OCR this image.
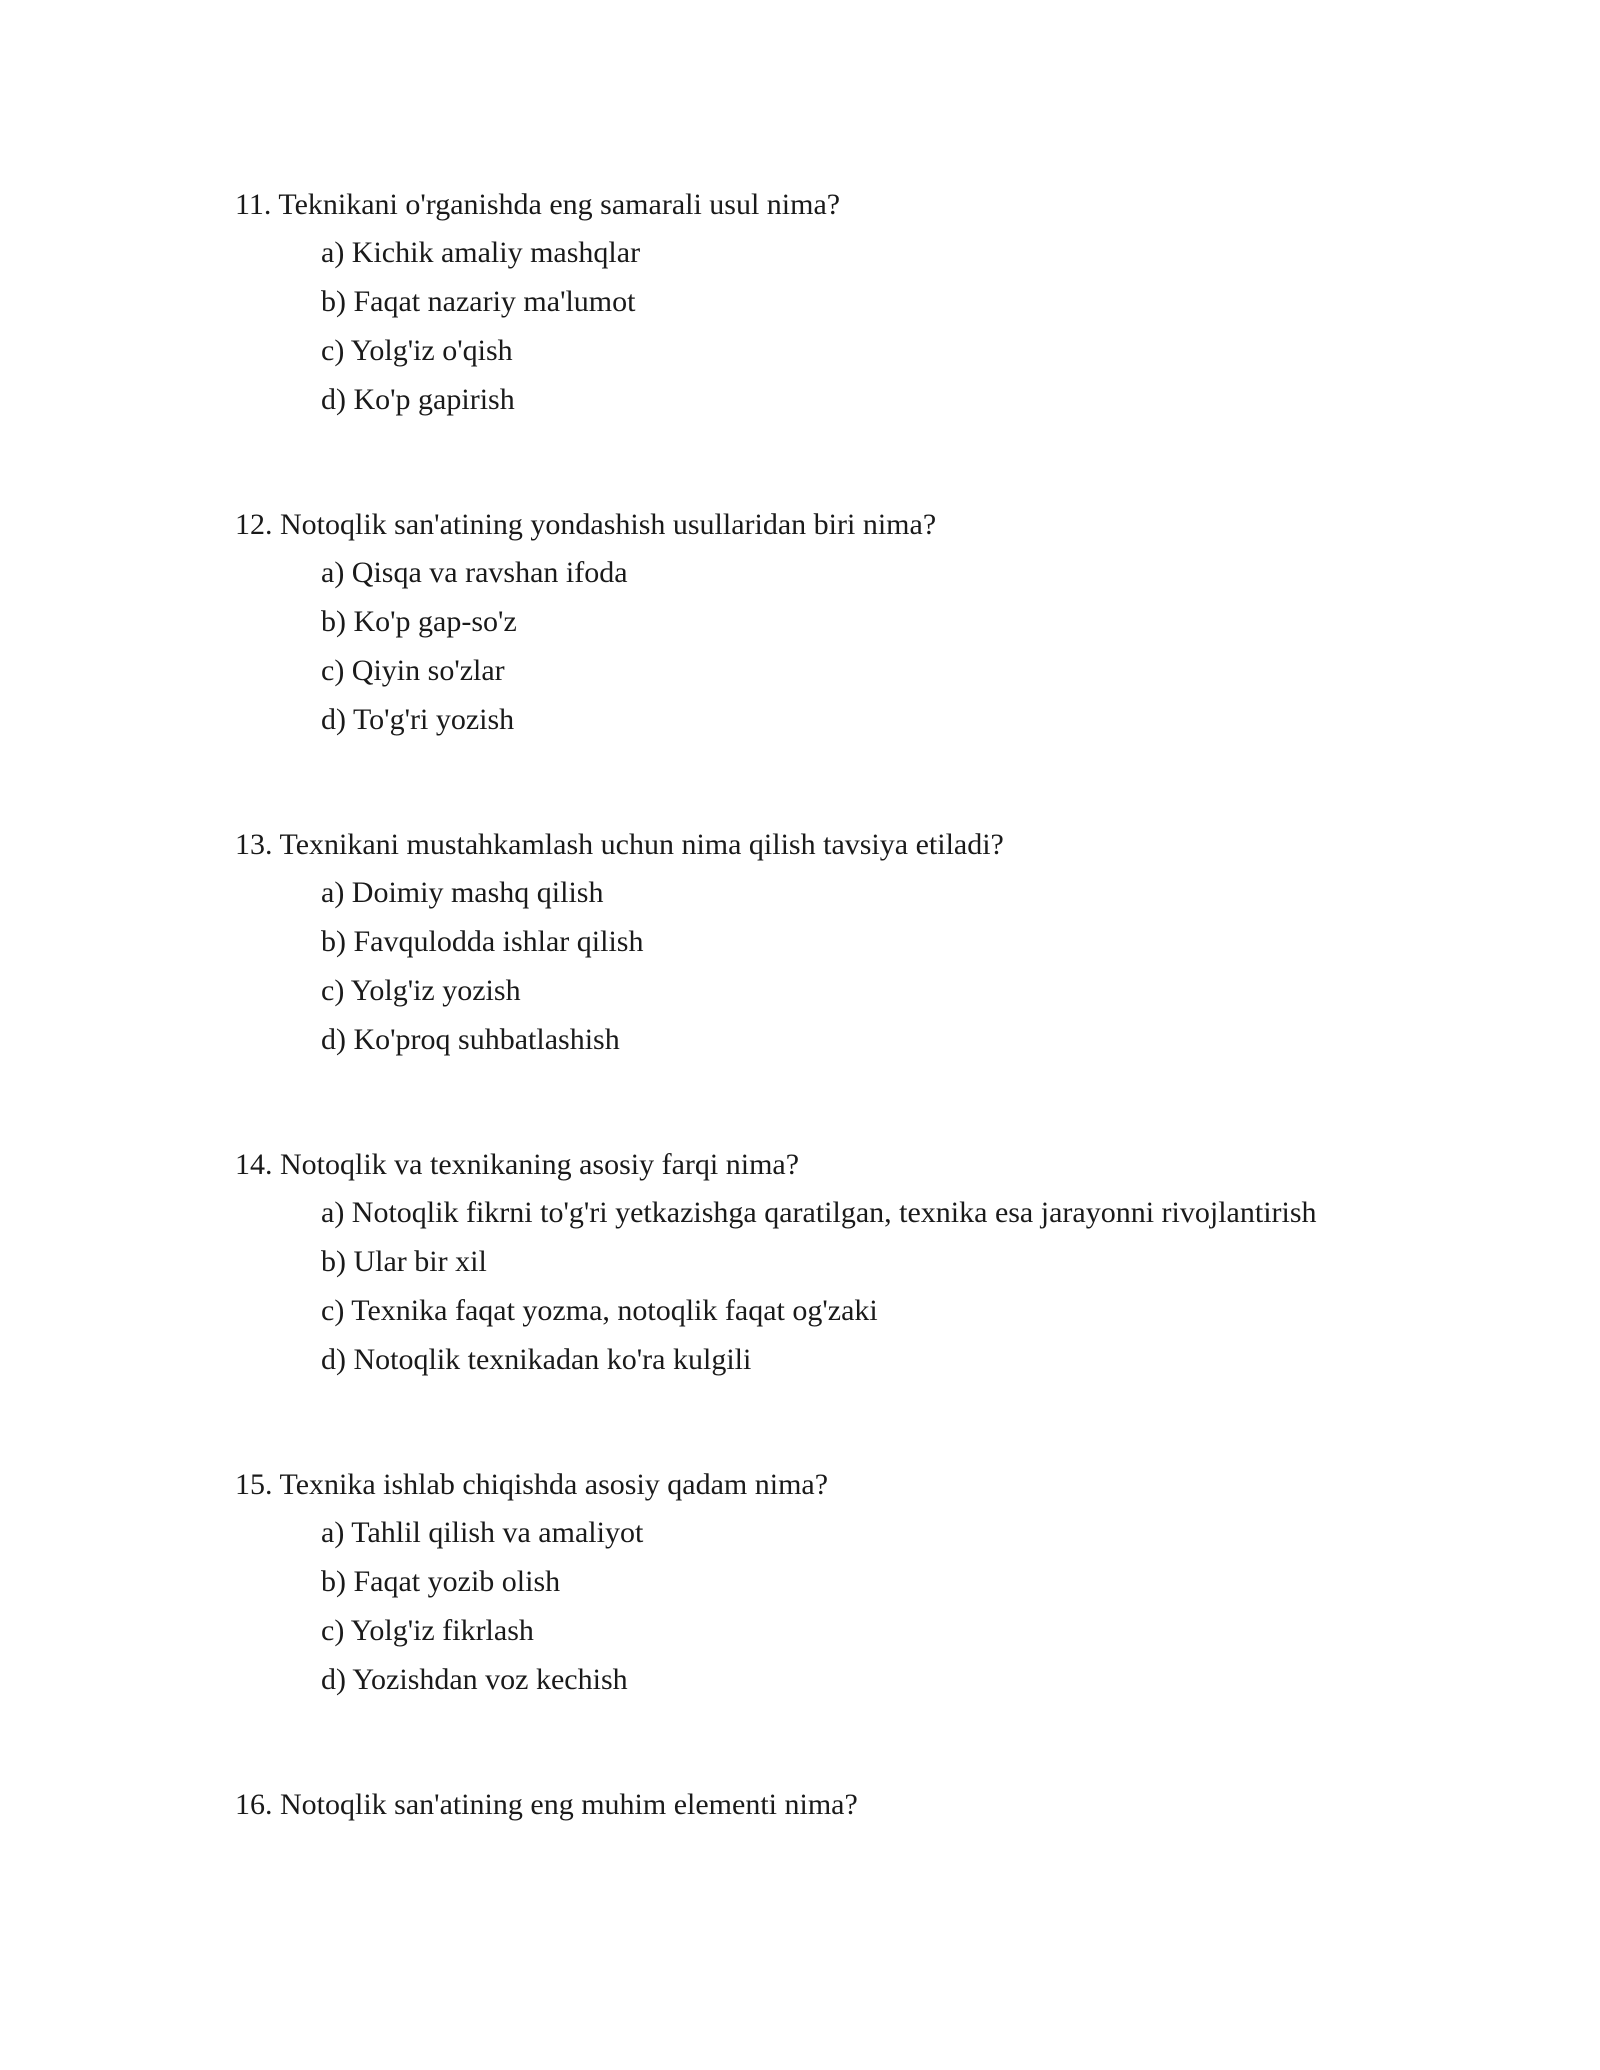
11. Teknikani o'rganishda eng samarali usul nima?

a) Kichik amaliy mashqlar
b) Faqat nazariy ma'lumot
c) Yolg'iz o'qish
d) Ko'p gapirish

12. Notoqlik san'atining yondashish usullaridan biri nima?

a) Qisqa va ravshan ifoda
b) Ko'p gap-so'z
c) Qiyin so'zlar
d) To'g'ri yozish

13. Texnikani mustahkamlash uchun nima qilish tavsiya etiladi?

a) Doimiy mashq qilish
b) Favqulodda ishlar qilish
c) Yolg'iz yozish
d) Ko'proq suhbatlashish

14. Notoqlik va texnikaning asosiy farqi nima?

a) Notoqlik fikrni to'g'ri yetkazishga qaratilgan, texnika esa jarayonni rivojlantirish
b) Ular bir xil
c) Texnika faqat yozma, notoqlik faqat og'zaki
d) Notoqlik texnikadan ko'ra kulgili

15. Texnika ishlab chiqishda asosiy qadam nima?

a) Tahlil qilish va amaliyot
b) Faqat yozib olish
c) Yolg'iz fikrlash
d) Yozishdan voz kechish

16. Notoqlik san'atining eng muhim elementi nima?
